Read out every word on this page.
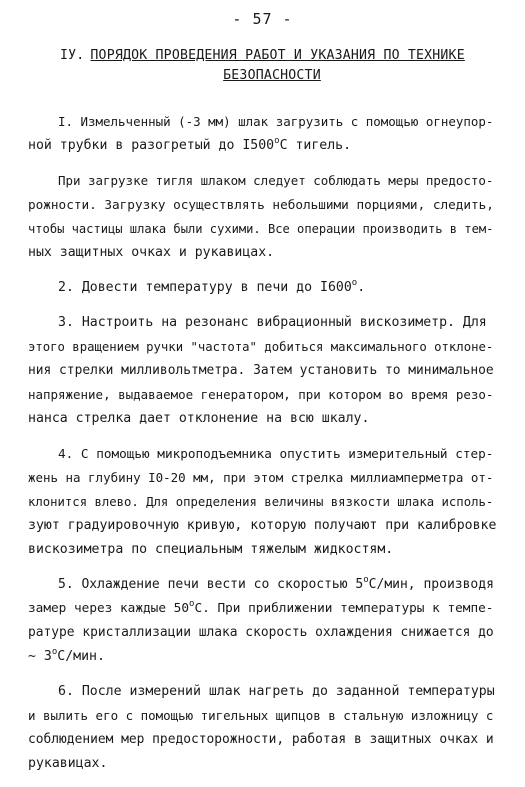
- 57 -
IУ. ПОРЯДОК ПРОВЕДЕНИЯ РАБОТ И УКАЗАНИЯ ПО ТЕХНИКЕ
БЕЗОПАСНОСТИ
I. Измельченный (-3 мм) шлак загрузить с помощью огнеупор-
ной трубки в разогретый до $I500^оС$ тигель.
При загрузке тигля шлаком следует соблюдать меры предосто-
рожности. Загрузку осуществлять небольшими порциями, следить,
чтобы частицы шлака были сухими. Все операции производить в тем-
ных защитных очках и рукавицах.
2. Довести температуру в печи до $I600^о$.
3. Настроить на резонанс вибрационный вискозиметр. Для
этого вращением ручки "частота" добиться максимального отклоне-
ния стрелки милливольтметра. Затем установить то минимальное
напряжение, выдаваемое генератором, при котором во время резо-
нанса стрелка дает отклонение на всю шкалу.
4. С помощью микроподъемника опустить измерительный стер-
жень на глубину I0-20 мм, при этом стрелка миллиамперметра от-
клонится влево. Для определения величины вязкости шлака исполь-
зуют градуировочную кривую, которую получают при калибровке
вискозиметра по специальным тяжелым жидкостям.
5. Охлаждение печи вести со скоростью $5^оС$/мин, производя
замер через каждые $50^оС$. При приближении температуры к темпе-
ратуре кристаллизации шлака скорость охлаждения снижается до
~ $3^оС$/мин.
6. После измерений шлак нагреть до заданной температуры
и вылить его с помощью тигельных щипцов в стальную изложницу с
соблюдением мер предосторожности, работая в защитных очках и
рукавицах.
